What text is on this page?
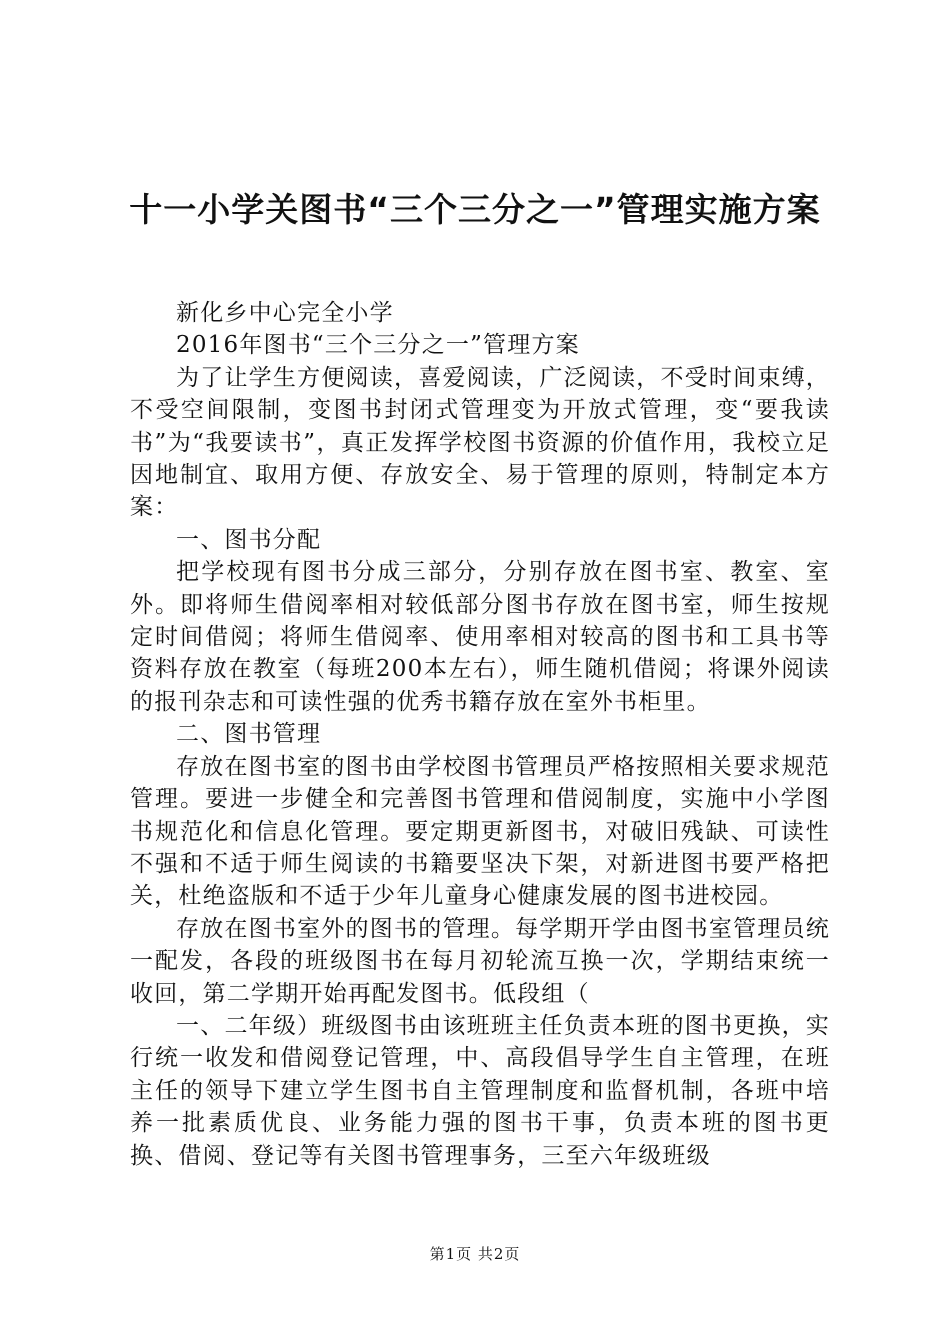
十一小学关图书“三个三分之一”管理实施方案

新化乡中心完全小学

2016年图书“三个三分之一”管理方案

为了让学生方便阅读，喜爱阅读，广泛阅读，不受时间束缚，不受空间限制，变图书封闭式管理变为开放式管理，变“要我读书”为“我要读书”，真正发挥学校图书资源的价值作用，我校立足因地制宜、取用方便、存放安全、易于管理的原则，特制定本方案：

一、图书分配

把学校现有图书分成三部分，分别存放在图书室、教室、室外。即将师生借阅率相对较低部分图书存放在图书室，师生按规定时间借阅；将师生借阅率、使用率相对较高的图书和工具书等资料存放在教室（每班200本左右），师生随机借阅；将课外阅读的报刊杂志和可读性强的优秀书籍存放在室外书柜里。

二、图书管理

存放在图书室的图书由学校图书管理员严格按照相关要求规范管理。要进一步健全和完善图书管理和借阅制度，实施中小学图书规范化和信息化管理。要定期更新图书，对破旧残缺、可读性不强和不适于师生阅读的书籍要坚决下架，对新进图书要严格把关，杜绝盗版和不适于少年儿童身心健康发展的图书进校园。

存放在图书室外的图书的管理。每学期开学由图书室管理员统一配发，各段的班级图书在每月初轮流互换一次，学期结束统一收回，第二学期开始再配发图书。低段组（

一、二年级）班级图书由该班班主任负责本班的图书更换，实行统一收发和借阅登记管理，中、高段倡导学生自主管理，在班主任的领导下建立学生图书自主管理制度和监督机制，各班中培养一批素质优良、业务能力强的图书干事，负责本班的图书更换、借阅、登记等有关图书管理事务，三至六年级班级

第1页 共2页
